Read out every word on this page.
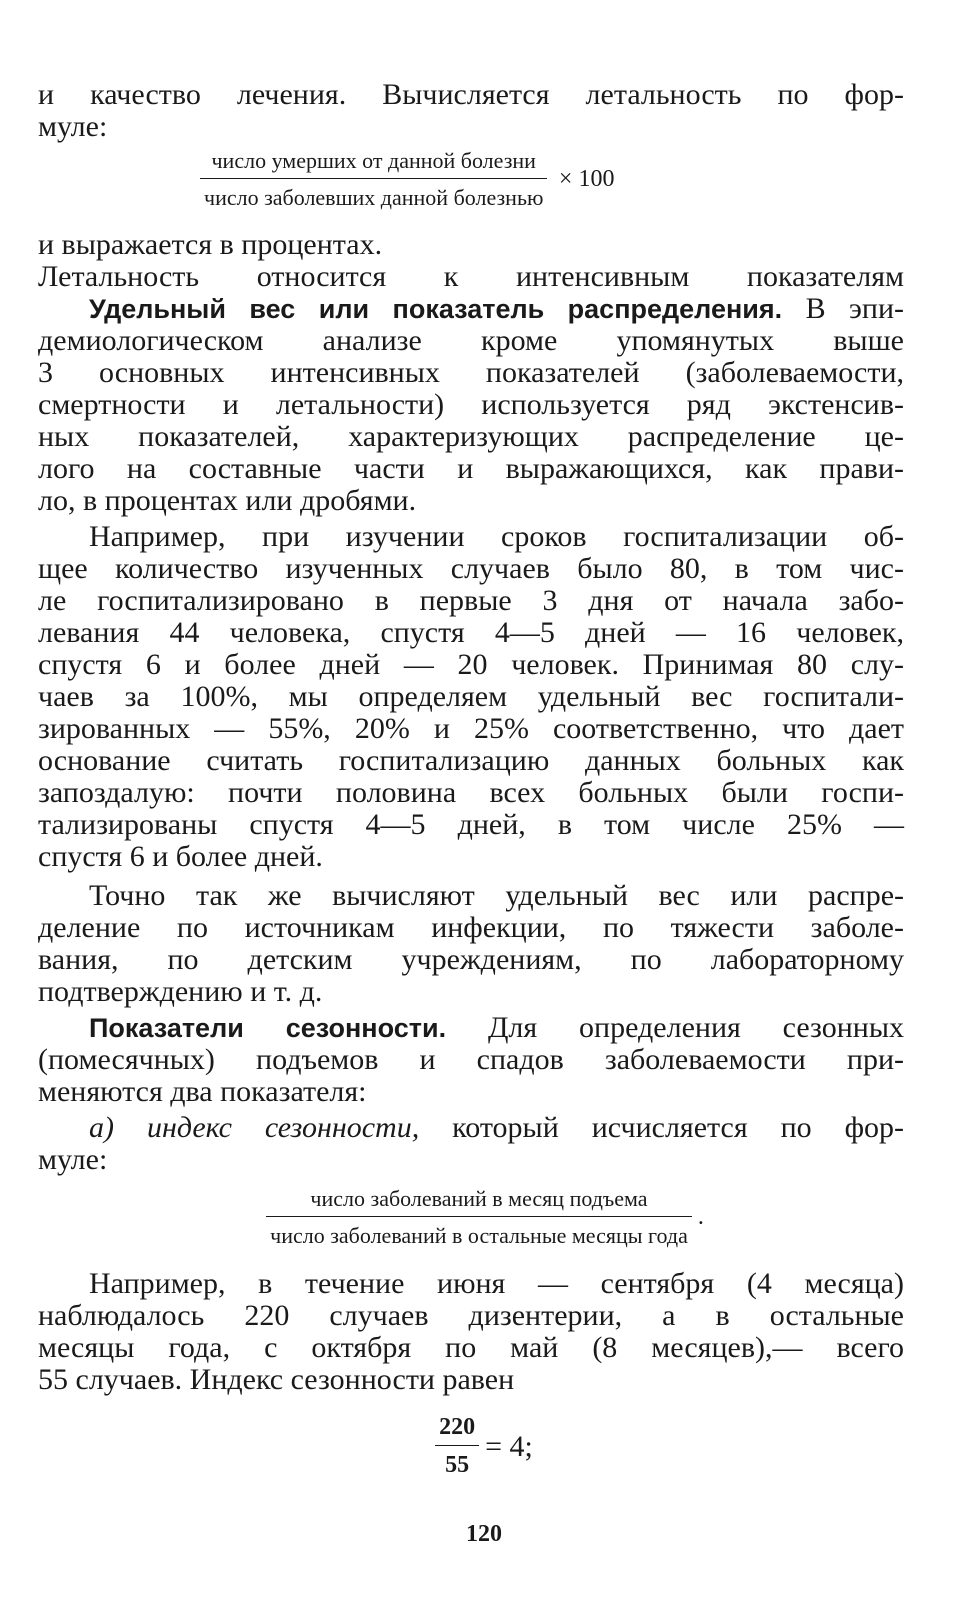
и качество лечения. Вычисляется летальность по фор-
муле:
$\frac{\text{число умерших от данной болезни}}{\text{число заболевших данной болезнью}} \times 100$
и выражается в процентах.
Летальность относится к интенсивным показателям
Удельный вес или показатель распределения. В эпи-
демиологическом анализе кроме упомянутых выше
3 основных интенсивных показателей (заболеваемости,
смертности и летальности) используется ряд экстенсив-
ных показателей, характеризующих распределение це-
лого на составные части и выражающихся, как прави-
ло, в процентах или дробями.
Например, при изучении сроков госпитализации об-
щее количество изученных случаев было 80, в том чис-
ле госпитализировано в первые 3 дня от начала забо-
левания 44 человека, спустя 4—5 дней — 16 человек,
спустя 6 и более дней — 20 человек. Принимая 80 слу-
чаев за 100%, мы определяем удельный вес госпитали-
зированных — 55%, 20% и 25% соответственно, что дает
основание считать госпитализацию данных больных как
запоздалую: почти половина всех больных были госпи-
тализированы спустя 4—5 дней, в том числе 25% —
спустя 6 и более дней.
Точно так же вычисляют удельный вес или распре-
деление по источникам инфекции, по тяжести заболе-
вания, по детским учреждениям, по лабораторному
подтверждению и т. д.
Показатели сезонности. Для определения сезонных
(помесячных) подъемов и спадов заболеваемости при-
меняются два показателя:
а) индекс сезонности, который исчисляется по фор-
муле:
$\frac{\text{число заболеваний в месяц подъема}}{\text{число заболеваний в остальные месяцы года}}$ .
Например, в течение июня — сентября (4 месяца)
наблюдалось 220 случаев дизентерии, а в остальные
месяцы года, с октября по май (8 месяцев),— всего
55 случаев. Индекс сезонности равен
$\frac{220}{55} = 4$;
120
